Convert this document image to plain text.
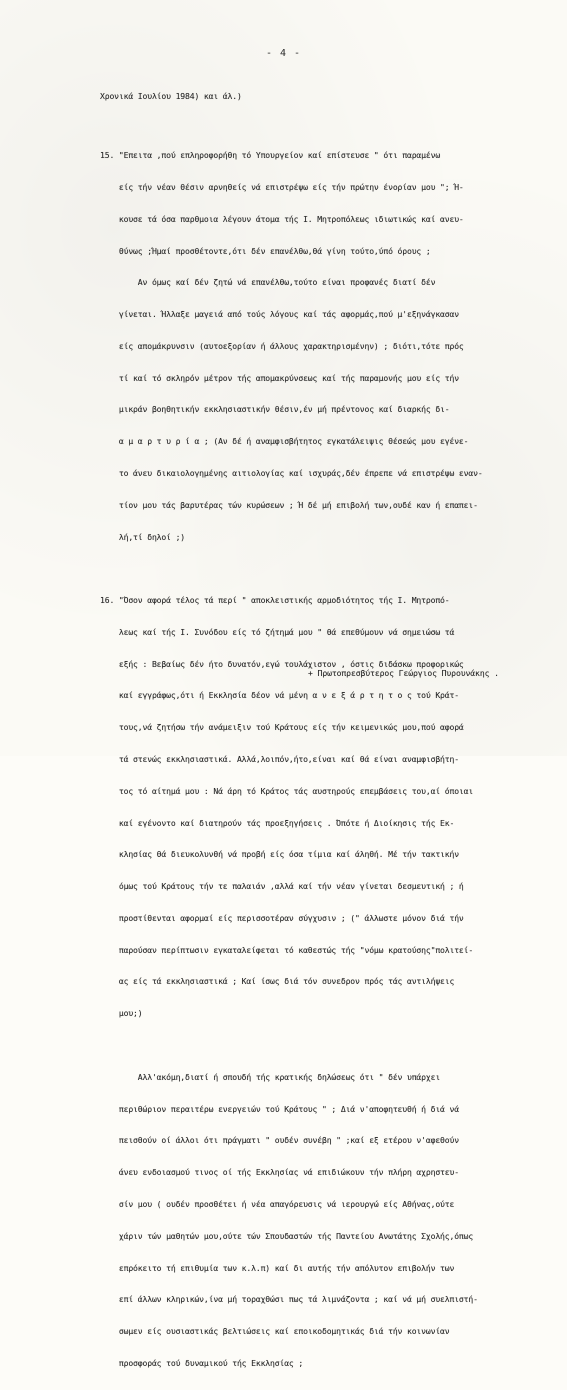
- 4 -

Χρονικά Ιουλίου 1984) και άλ.)

15. "Επειτα ,πού επληροφορήθη τό Υπουργείον καί επίστευσε " ότι παραμένω

είς τήν νέαν θέσιν αρνηθείς νά επιστρέψω είς τήν πρώτην ένορίαν μου "; Ή-

κουσε τά όσα παρθμοια λέγουν άτομα τής Ι. Μητροπόλεως ιδιωτικώς καί ανευ-

θύνως ;Ήμαί προσθέτοντε,ότι δέν επανέλθω,θά γίνη τούτο,ύπό όρους ;

Αν όμως καί δέν ζητώ νά επανέλθω,τούτο είναι προφανές διατί δέν

γίνεται. Ήλλαξε μαγειά από τούς λόγους καί τάς αφορμάς,πού μ'εξηνάγκασαν

είς απομάκρυνσιν (αυτοεξορίαν ή άλλους χαρακτηρισμένην) ; διότι,τότε πρός

τί καί τό σκληρόν μέτρον τής απομακρύνσεως καί τής παραμονής μου είς τήν

μικράν βοηθητικήν εκκλησιαστικήν θέσιν,έν μή πρέντονος καί διαρκής δι-

α μ α ρ τ υ ρ ί α ; (Αν δέ ή αναμφισβήτητος εγκατάλειψις θέσεώς μου εγένε-

το άνευ δικαιολογημένης αιτιολογίας καί ισχυράς,δέν έπρεπε νά επιστρέψω εναν-

τίον μου τάς βαρυτέρας τών κυρώσεων ; Ή δέ μή επιβολή των,ουδέ καν ή επαπει-

λή,τί δηλοί ;)

16. "Όσον αφορά τέλος τά περί " αποκλειστικής αρμοδιότητος τής Ι. Μητροπό-

λεως καί τής Ι. Συνόδου είς τό ζήτημά μου " θά επεθύμουν νά σημειώσω τά

εξής : Βεβαίως δέν ήτο δυνατόν,εγώ τουλάχιστον , όστις διδάσκω προφορικώς

καί εγγράφως,ότι ή Εκκλησία δέον νά μένη α ν ε ξ ά ρ τ η τ ο ς τού Κράτ-

τους,νά ζητήσω τήν ανάμειξιν τού Κράτους είς τήν κειμενικώς μου,πού αφορά

τά στενώς εκκλησιαστικά. Αλλά,λοιπόν,ήτο,είναι καί θά είναι αναμφισβήτη-

τος τό αίτημά μου : Νά άρη τό Κράτος τάς αυστηρούς επεμβάσεις του,αί όποιαι

καί εγένοντο καί διατηρούν τάς προεξηγήσεις . Όπότε ή Διοίκησις τής Εκ-

κλησίας θά διευκολυνθή νά προβή είς όσα τίμια καί άληθή. Μέ τήν τακτικήν

όμως τού Κράτους τήν τε παλαιάν ,αλλά καί τήν νέαν γίνεται δεσμευτική ; ή

προστίθενται αφορμαί είς περισσοτέραν σύγχυσιν ; (" άλλωστε μόνον διά τήν

παρούσαν περίπτωσιν εγκαταλείφεται τό καθεστώς τής "νόμω κρατούσης"πολιτεί-

ας είς τά εκκλησιαστικά ; Καί ίσως διά τόν συνεδρον πρός τάς αντιλήψεις

μου;)

Αλλ'ακόμη,διατί ή σπουδή τής κρατικής δηλώσεως ότι " δέν υπάρχει

περιθώριον περαιτέρω ενεργειών τού Κράτους " ; Διά ν'αποφητευθή ή διά νά

πεισθούν οί άλλοι ότι πράγματι " ουδέν συνέβη " ;καί εξ ετέρου ν'αφεθούν

άνευ ενδοιασμού τινος οί τής Εκκλησίας νά επιδιώκουν τήν πλήρη αχρηστευ-

σίν μου ( ουδέν προσθέτει ή νέα απαγόρευσις νά ιερουργώ είς Αθήνας,ούτε

χάριν τών μαθητών μου,ούτε τών Σπουδαστών τής Παντείου Ανωτάτης Σχολής,όπως

επρόκειτο τή επιθυμία των κ.λ.π) καί δι αυτής τήν απόλυτον επιβολήν των

επί άλλων κληρικών,ίνα μή τοραχθώσι πως τά λιμνάζοντα ; καί νά μή συελπιστή-

σωμεν είς ουσιαστικάς βελτιώσεις καί εποικοδομητικάς διά τήν κοινωνίαν

προσφοράς τού δυναμικού τής Εκκλησίας ;

+ Πρωτοπρεσβύτερος Γεώργιος Πυρουνάκης .
